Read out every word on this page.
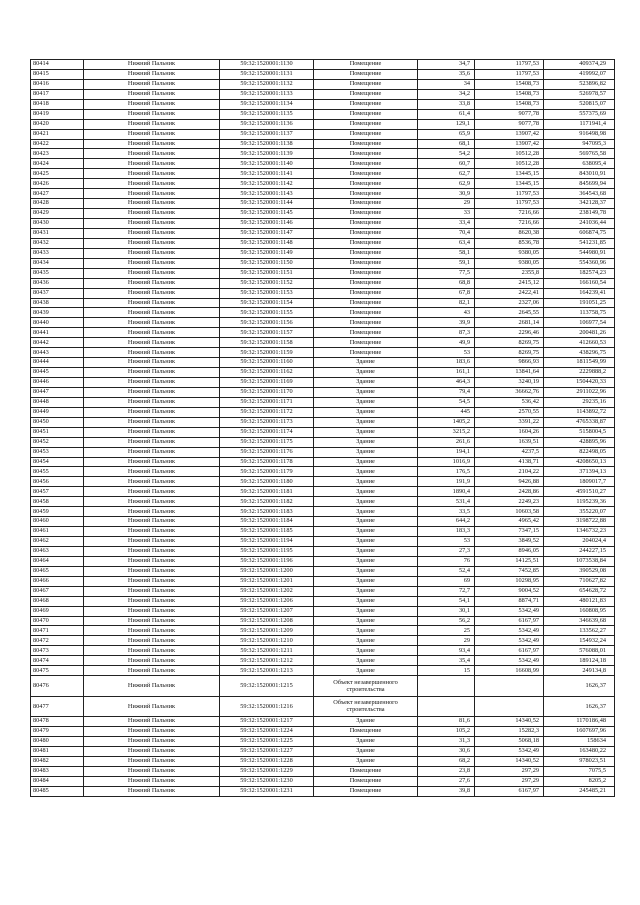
80414	Нижний Пальник	59:32:1520001:1130	Помещение	34,7	11797,53	409374,29
80415	Нижний Пальник	59:32:1520001:1131	Помещение	35,6	11797,53	419992,07
80416	Нижний Пальник	59:32:1520001:1132	Помещение	34	15408,73	523896,82
80417	Нижний Пальник	59:32:1520001:1133	Помещение	34,2	15408,73	526978,57
80418	Нижний Пальник	59:32:1520001:1134	Помещение	33,8	15408,73	520815,07
80419	Нижний Пальник	59:32:1520001:1135	Помещение	61,4	9077,78	557375,69
80420	Нижний Пальник	59:32:1520001:1136	Помещение	129,1	9077,78	1171941,4
80421	Нижний Пальник	59:32:1520001:1137	Помещение	65,9	13907,42	916498,98
80422	Нижний Пальник	59:32:1520001:1138	Помещение	68,1	13907,42	947095,3
80423	Нижний Пальник	59:32:1520001:1139	Помещение	54,2	10512,28	569765,58
80424	Нижний Пальник	59:32:1520001:1140	Помещение	60,7	10512,28	638095,4
80425	Нижний Пальник	59:32:1520001:1141	Помещение	62,7	13445,15	843010,91
80426	Нижний Пальник	59:32:1520001:1142	Помещение	62,9	13445,15	845699,94
80427	Нижний Пальник	59:32:1520001:1143	Помещение	30,9	11797,53	364543,68
80428	Нижний Пальник	59:32:1520001:1144	Помещение	29	11797,53	342128,37
80429	Нижний Пальник	59:32:1520001:1145	Помещение	33	7216,66	238149,78
80430	Нижний Пальник	59:32:1520001:1146	Помещение	33,4	7216,66	241036,44
80431	Нижний Пальник	59:32:1520001:1147	Помещение	70,4	8620,38	606874,75
80432	Нижний Пальник	59:32:1520001:1148	Помещение	63,4	8536,78	541231,85
80433	Нижний Пальник	59:32:1520001:1149	Помещение	58,1	9380,05	544980,91
80434	Нижний Пальник	59:32:1520001:1150	Помещение	59,1	9380,05	554360,96
80435	Нижний Пальник	59:32:1520001:1151	Помещение	77,5	2355,8	182574,23
80436	Нижний Пальник	59:32:1520001:1152	Помещение	68,8	2415,12	166160,54
80437	Нижний Пальник	59:32:1520001:1153	Помещение	67,8	2422,41	164239,41
80438	Нижний Пальник	59:32:1520001:1154	Помещение	82,1	2327,06	191051,25
80439	Нижний Пальник	59:32:1520001:1155	Помещение	43	2645,55	113758,75
80440	Нижний Пальник	59:32:1520001:1156	Помещение	39,9	2681,14	106977,54
80441	Нижний Пальник	59:32:1520001:1157	Помещение	87,3	2296,46	200481,26
80442	Нижний Пальник	59:32:1520001:1158	Помещение	49,9	8269,75	412660,53
80443	Нижний Пальник	59:32:1520001:1159	Помещение	53	8269,75	438296,75
80444	Нижний Пальник	59:32:1520001:1160	Здание	183,6	9866,93	1811549,99
80445	Нижний Пальник	59:32:1520001:1162	Здание	161,1	13841,64	2229888,2
80446	Нижний Пальник	59:32:1520001:1169	Здание	464,3	3240,19	1504420,33
80447	Нижний Пальник	59:32:1520001:1170	Здание	79,4	36662,76	2911022,96
80448	Нижний Пальник	59:32:1520001:1171	Здание	54,5	536,42	29235,16
80449	Нижний Пальник	59:32:1520001:1172	Здание	445	2570,55	1143892,72
80450	Нижний Пальник	59:32:1520001:1173	Здание	1405,2	3391,22	4765338,87
80451	Нижний Пальник	59:32:1520001:1174	Здание	3215,2	1604,26	5158004,5
80452	Нижний Пальник	59:32:1520001:1175	Здание	261,6	1639,51	428895,96
80453	Нижний Пальник	59:32:1520001:1176	Здание	194,1	4237,5	822498,05
80454	Нижний Пальник	59:32:1520001:1178	Здание	1016,9	4138,71	4208650,13
80455	Нижний Пальник	59:32:1520001:1179	Здание	176,5	2104,22	371394,13
80456	Нижний Пальник	59:32:1520001:1180	Здание	191,9	9426,88	1809017,7
80457	Нижний Пальник	59:32:1520001:1181	Здание	1890,4	2428,86	4591510,27
80458	Нижний Пальник	59:32:1520001:1182	Здание	531,4	2249,23	1195239,36
80459	Нижний Пальник	59:32:1520001:1183	Здание	33,5	10603,58	355220,07
80460	Нижний Пальник	59:32:1520001:1184	Здание	644,2	4965,42	3198722,88
80461	Нижний Пальник	59:32:1520001:1185	Здание	183,3	7347,15	1346732,23
80462	Нижний Пальник	59:32:1520001:1194	Здание	53	3849,52	204024,4
80463	Нижний Пальник	59:32:1520001:1195	Здание	27,3	8946,05	244227,15
80464	Нижний Пальник	59:32:1520001:1196	Здание	76	14125,51	1073538,84
80465	Нижний Пальник	59:32:1520001:1200	Здание	52,4	7452,85	390529,08
80466	Нижний Пальник	59:32:1520001:1201	Здание	69	10298,95	710627,82
80467	Нижний Пальник	59:32:1520001:1202	Здание	72,7	9004,52	654628,72
80468	Нижний Пальник	59:32:1520001:1206	Здание	54,1	8874,71	480121,83
80469	Нижний Пальник	59:32:1520001:1207	Здание	30,1	5342,49	160808,95
80470	Нижний Пальник	59:32:1520001:1208	Здание	56,2	6167,97	346639,68
80471	Нижний Пальник	59:32:1520001:1209	Здание	25	5342,49	133562,27
80472	Нижний Пальник	59:32:1520001:1210	Здание	29	5342,49	154932,24
80473	Нижний Пальник	59:32:1520001:1211	Здание	93,4	6167,97	576088,01
80474	Нижний Пальник	59:32:1520001:1212	Здание	35,4	5342,49	189124,18
80475	Нижний Пальник	59:32:1520001:1213	Здание	15	16608,99	249134,8
80476	Нижний Пальник	59:32:1520001:1215	Объект незавершенного строительства			1626,37
80477	Нижний Пальник	59:32:1520001:1216	Объект незавершенного строительства			1626,37
80478	Нижний Пальник	59:32:1520001:1217	Здание	81,6	14340,52	1170186,48
80479	Нижний Пальник	59:32:1520001:1224	Помещение	105,2	15282,3	1607697,96
80480	Нижний Пальник	59:32:1520001:1225	Здание	31,3	5068,18	158634
80481	Нижний Пальник	59:32:1520001:1227	Здание	30,6	5342,49	163480,22
80482	Нижний Пальник	59:32:1520001:1228	Здание	68,2	14340,52	978023,51
80483	Нижний Пальник	59:32:1520001:1229	Помещение	23,8	297,29	7075,5
80484	Нижний Пальник	59:32:1520001:1230	Помещение	27,6	297,29	8205,2
80485	Нижний Пальник	59:32:1520001:1231	Помещение	39,8	6167,97	245485,21
